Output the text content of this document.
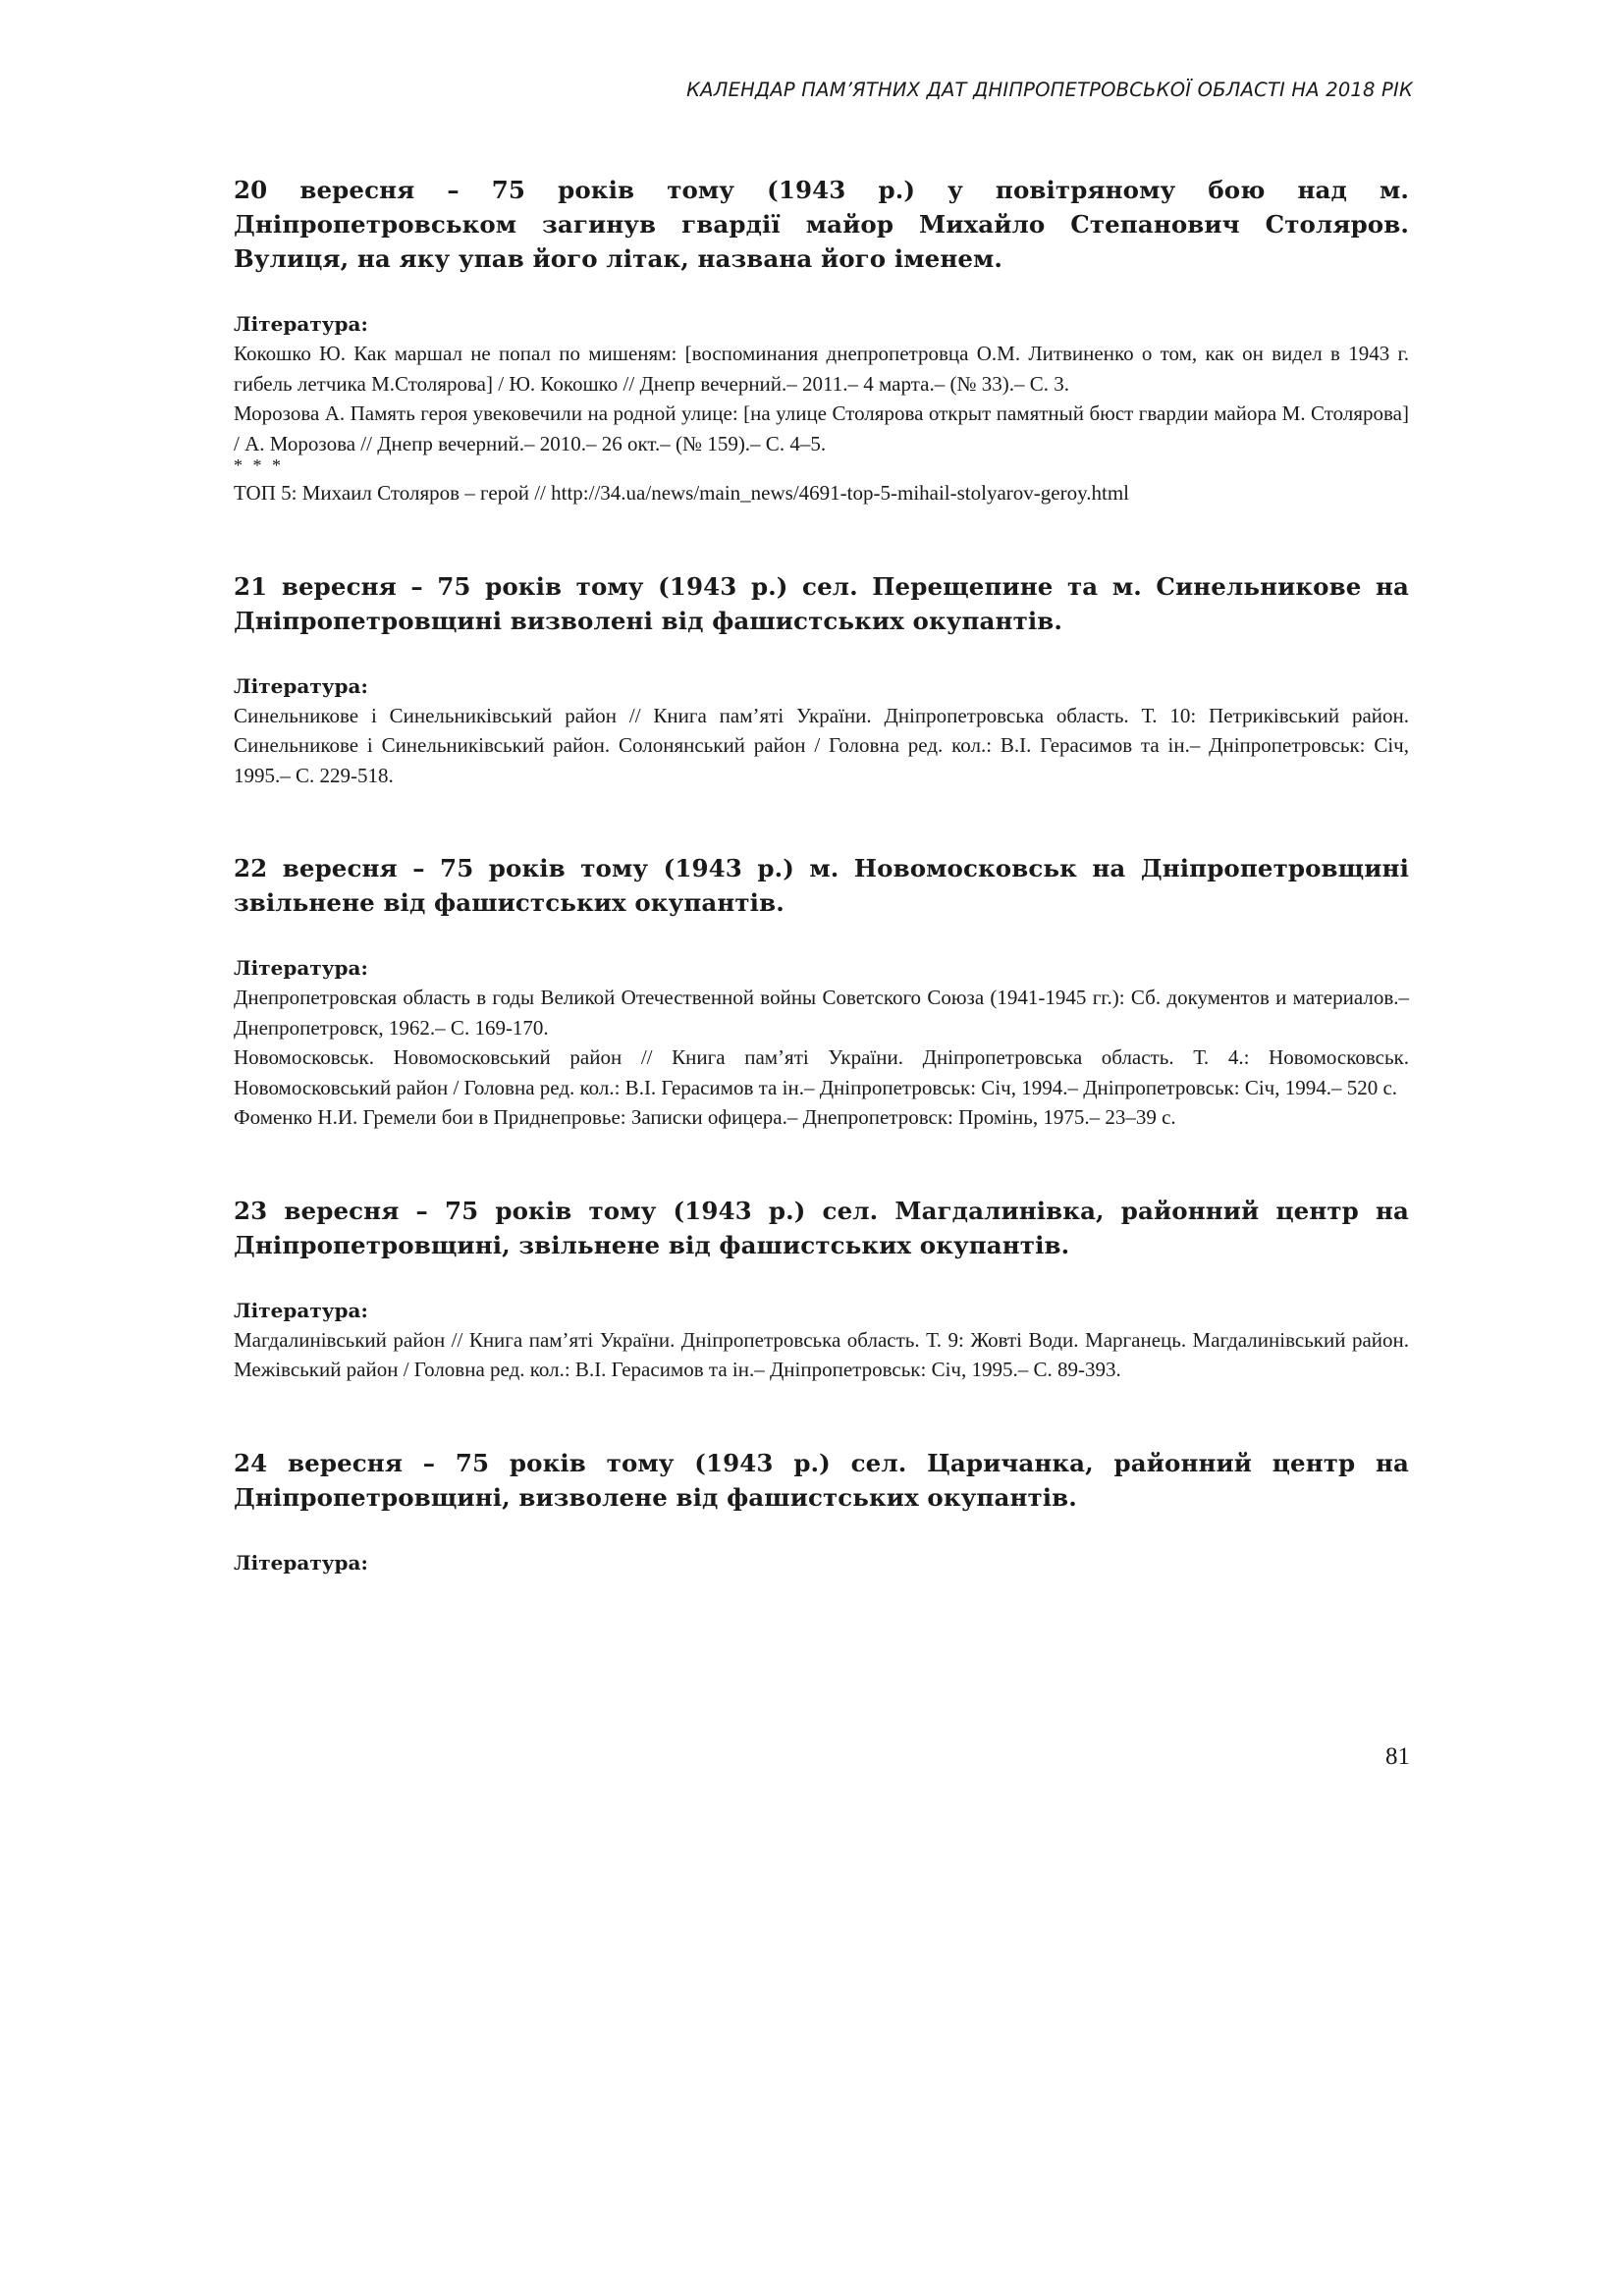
КАЛЕНДАР ПАМ’ЯТНИХ ДАТ ДНІПРОПЕТРОВСЬКОЇ ОБЛАСТІ НА 2018 РІК
20 вересня – 75 років тому (1943 р.) у повітряному бою над м. Дніпропетровськом загинув гвардії майор Михайло Степанович Столяров. Вулиця, на яку упав його літак, названа його іменем.

Література:

Кокошко Ю. Как маршал не попал по мишеням: [воспоминания днепропетровца О.М. Литвиненко о том, как он видел в 1943 г. гибель летчика М.Столярова] / Ю. Кокошко // Днепр вечерний.– 2011.– 4 марта.– (№ 33).– С. 3.
Морозова А. Память героя увековечили на родной улице: [на улице Столярова открыт памятный бюст гвардии майора М. Столярова] / А. Морозова // Днепр вечерний.– 2010.– 26 окт.– (№ 159).– С. 4–5.
* * *
ТОП 5: Михаил Столяров – герой // http://34.ua/news/main_news/4691-top-5-mihail-stolyarov-geroy.html
21 вересня – 75 років тому (1943 р.) сел. Перещепине та м. Синельникове на Дніпропетровщині визволені від фашистських окупантів.

Література:

Синельникове і Синельниківський район // Книга пам’яті України. Дніпропетровська область. Т. 10: Петриківський район. Синельникове і Синельниківський район. Солонянський район / Головна ред. кол.: В.І. Герасимов та ін.– Дніпропетровськ: Січ, 1995.– С. 229-518.
22 вересня – 75 років тому (1943 р.) м. Новомосковськ на Дніпропетровщині звільнене від фашистських окупантів.

Література:

Днепропетровская область в годы Великой Отечественной войны Советского Союза (1941-1945 гг.): Сб. документов и материалов.– Днепропетровск, 1962.– С. 169-170.
Новомосковськ. Новомосковський район // Книга пам’яті України. Дніпропетровська область. Т. 4.: Новомосковськ. Новомосковський район / Головна ред. кол.: В.І. Герасимов та ін.– Дніпропетровськ: Січ, 1994.– Дніпропетровськ: Січ, 1994.– 520 с.
Фоменко Н.И. Гремели бои в Приднепровье: Записки офицера.– Днепропетровск: Промінь, 1975.– 23–39 с.
23 вересня – 75 років тому (1943 р.) сел. Магдалинівка, районний центр на Дніпропетровщині, звільнене від фашистських окупантів.

Література:

Магдалинівський район // Книга пам’яті України. Дніпропетровська область. Т. 9: Жовті Води. Марганець. Магдалинівський район. Межівський район / Головна ред. кол.: В.І. Герасимов та ін.– Дніпропетровськ: Січ, 1995.– С. 89-393.
24 вересня – 75 років тому (1943 р.) сел. Царичанка, районний центр на Дніпропетровщині, визволене від фашистських окупантів.

Література:

81
